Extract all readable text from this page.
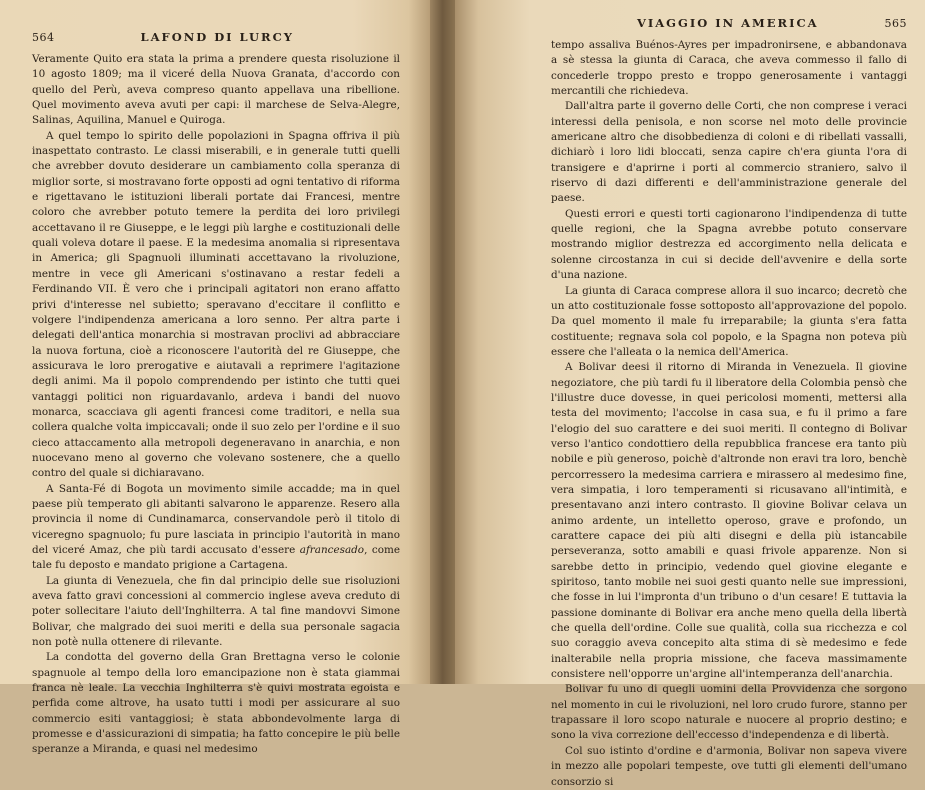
564	LAFOND DI LURCY

Veramente Quito era stata la prima a prendere questa risoluzione il 10 agosto 1809; ma il viceré della Nuova Granata, d'accordo con quello del Perù, aveva compreso quanto appellava una ribellione. Quel movimento aveva avuti per capi: il marchese de Selva-Alegre, Salinas, Aquilina, Manuel e Quiroga.

A quel tempo lo spirito delle popolazioni in Spagna offriva il più inaspettato contrasto. Le classi miserabili, e in generale tutti quelli che avrebber dovuto desiderare un cambiamento colla speranza di miglior sorte, si mostravano forte opposti ad ogni tentativo di riforma e rigettavano le istituzioni liberali portate dai Francesi, mentre coloro che avrebber potuto temere la perdita dei loro privilegi accettavano il re Giuseppe, e le leggi più larghe e costituzionali delle quali voleva dotare il paese. E la medesima anomalia si ripresentava in America; gli Spagnuoli illuminati accettavano la rivoluzione, mentre in vece gli Americani s'ostinavano a restar fedeli a Ferdinando VII. È vero che i principali agitatori non erano affatto privi d'interesse nel subietto; speravano d'eccitare il conflitto e volgere l'indipendenza americana a loro senno. Per altra parte i delegati dell'antica monarchia si mostravan proclivi ad abbracciare la nuova fortuna, cioè a riconoscere l'autorità del re Giuseppe, che assicurava le loro prerogative e aiutavali a reprimere l'agitazione degli animi. Ma il popolo comprendendo per istinto che tutti quei vantaggi politici non riguardavanlo, ardeva i bandi del nuovo monarca, scacciava gli agenti francesi come traditori, e nella sua collera qualche volta impiccavali; onde il suo zelo per l'ordine e il suo cieco attaccamento alla metropoli degeneravano in anarchia, e non nuocevano meno al governo che volevano sostenere, che a quello contro del quale si dichiaravano.

A Santa-Fé di Bogota un movimento simile accadde; ma in quel paese più temperato gli abitanti salvarono le apparenze. Resero alla provincia il nome di Cundinamarca, conservandole però il titolo di viceregno spagnuolo; fu pure lasciata in principio l'autorità in mano del viceré Amaz, che più tardi accusato d'essere afrancesado, come tale fu deposto e mandato prigione a Cartagena.

La giunta di Venezuela, che fin dal principio delle sue risoluzioni aveva fatto gravi concessioni al commercio inglese aveva creduto di poter sollecitare l'aiuto dell'Inghilterra. A tal fine mandovvi Simone Bolivar, che malgrado dei suoi meriti e della sua personale sagacia non potè nulla ottenere di rilevante.

La condotta del governo della Gran Brettagna verso le colonie spagnuole al tempo della loro emancipazione non è stata giammai franca nè leale. La vecchia Inghilterra s'è quivi mostrata egoista e perfida come altrove, ha usato tutti i modi per assicurare al suo commercio esiti vantaggiosi; è stata abbondevolmente larga di promesse e d'assicurazioni di simpatia; ha fatto concepire le più belle speranze a Miranda, e quasi nel medesimo

VIAGGIO IN AMERICA	565

tempo assaliva Buénos-Ayres per impadronirsene, e abbandonava a sè stessa la giunta di Caraca, che aveva commesso il fallo di concederle troppo presto e troppo generosamente i vantaggi mercantili che richiedeva.

Dall'altra parte il governo delle Corti, che non comprese i veraci interessi della penisola, e non scorse nel moto delle provincie americane altro che disobbedienza di coloni e di ribellati vassalli, dichiarò i loro lidi bloccati, senza capire ch'era giunta l'ora di transigere e d'aprirne i porti al commercio straniero, salvo il riservo di dazi differenti e dell'amministrazione generale del paese.

Questi errori e questi torti cagionarono l'indipendenza di tutte quelle regioni, che la Spagna avrebbe potuto conservare mostrando miglior destrezza ed accorgimento nella delicata e solenne circostanza in cui si decide dell'avvenire e della sorte d'una nazione.

La giunta di Caraca comprese allora il suo incarco; decretò che un atto costituzionale fosse sottoposto all'approvazione del popolo. Da quel momento il male fu irreparabile; la giunta s'era fatta costituente; regnava sola col popolo, e la Spagna non poteva più essere che l'alleata o la nemica dell'America.

A Bolivar deesi il ritorno di Miranda in Venezuela. Il giovine negoziatore, che più tardi fu il liberatore della Colombia pensò che l'illustre duce dovesse, in quei pericolosi momenti, mettersi alla testa del movimento; l'accolse in casa sua, e fu il primo a fare l'elogio del suo carattere e dei suoi meriti. Il contegno di Bolivar verso l'antico condottiero della repubblica francese era tanto più nobile e più generoso, poichè d'altronde non eravi tra loro, benchè percorressero la medesima carriera e mirassero al medesimo fine, vera simpatia, i loro temperamenti si ricusavano all'intimità, e presentavano anzi intero contrasto. Il giovine Bolivar celava un animo ardente, un intelletto operoso, grave e profondo, un carattere capace dei più alti disegni e della più istancabile perseveranza, sotto amabili e quasi frivole apparenze. Non si sarebbe detto in principio, vedendo quel giovine elegante e spiritoso, tanto mobile nei suoi gesti quanto nelle sue impressioni, che fosse in lui l'impronta d'un tribuno o d'un cesare! E tuttavia la passione dominante di Bolivar era anche meno quella della libertà che quella dell'ordine. Colle sue qualità, colla sua ricchezza e col suo coraggio aveva concepito alta stima di sè medesimo e fede inalterabile nella propria missione, che faceva massimamente consistere nell'opporre un'argine all'intemperanza dell'anarchia.

Bolivar fu uno di quegli uomini della Provvidenza che sorgono nel momento in cui le rivoluzioni, nel loro crudo furore, stanno per trapassare il loro scopo naturale e nuocere al proprio destino; e sono la viva correzione dell'eccesso d'independenza e di libertà.

Col suo istinto d'ordine e d'armonia, Bolivar non sapeva vivere in mezzo alle popolari tempeste, ove tutti gli elementi dell'umano consorzio si
